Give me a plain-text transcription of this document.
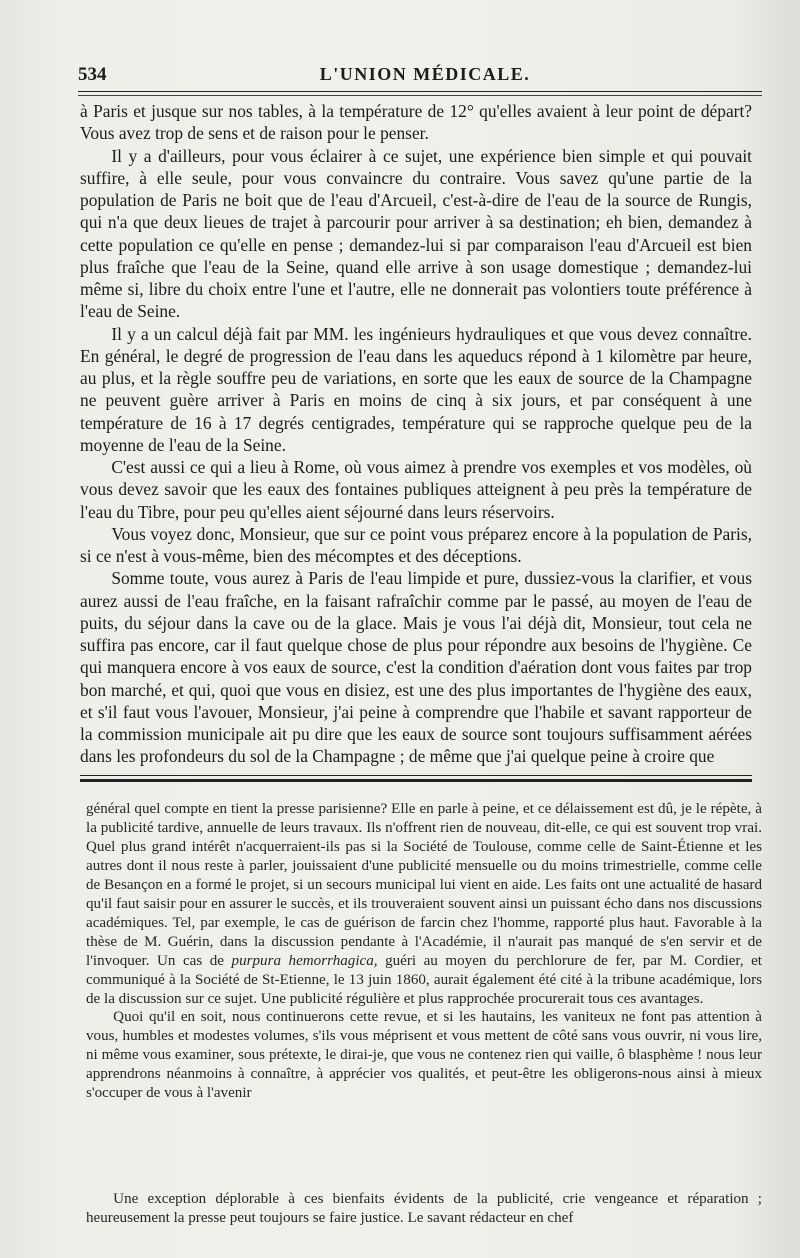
534	L'UNION MÉDICALE.

à Paris et jusque sur nos tables, à la température de 12° qu'elles avaient à leur point de départ? Vous avez trop de sens et de raison pour le penser.

Il y a d'ailleurs, pour vous éclairer à ce sujet, une expérience bien simple et qui pouvait suffire, à elle seule, pour vous convaincre du contraire. Vous savez qu'une partie de la population de Paris ne boit que de l'eau d'Arcueil, c'est-à-dire de l'eau de la source de Rungis, qui n'a que deux lieues de trajet à parcourir pour arriver à sa destination; eh bien, demandez à cette population ce qu'elle en pense ; demandez-lui si par comparaison l'eau d'Arcueil est bien plus fraîche que l'eau de la Seine, quand elle arrive à son usage domestique ; demandez-lui même si, libre du choix entre l'une et l'autre, elle ne donnerait pas volontiers toute préférence à l'eau de Seine.

Il y a un calcul déjà fait par MM. les ingénieurs hydrauliques et que vous devez connaître. En général, le degré de progression de l'eau dans les aqueducs répond à 1 kilomètre par heure, au plus, et la règle souffre peu de variations, en sorte que les eaux de source de la Champagne ne peuvent guère arriver à Paris en moins de cinq à six jours, et par conséquent à une température de 16 à 17 degrés centigrades, température qui se rapproche quelque peu de la moyenne de l'eau de la Seine.

C'est aussi ce qui a lieu à Rome, où vous aimez à prendre vos exemples et vos modèles, où vous devez savoir que les eaux des fontaines publiques atteignent à peu près la température de l'eau du Tibre, pour peu qu'elles aient séjourné dans leurs réservoirs.

Vous voyez donc, Monsieur, que sur ce point vous préparez encore à la population de Paris, si ce n'est à vous-même, bien des mécomptes et des déceptions.

Somme toute, vous aurez à Paris de l'eau limpide et pure, dussiez-vous la clarifier, et vous aurez aussi de l'eau fraîche, en la faisant rafraîchir comme par le passé, au moyen de l'eau de puits, du séjour dans la cave ou de la glace. Mais je vous l'ai déjà dit, Monsieur, tout cela ne suffira pas encore, car il faut quelque chose de plus pour répondre aux besoins de l'hygiène. Ce qui manquera encore à vos eaux de source, c'est la condition d'aération dont vous faites par trop bon marché, et qui, quoi que vous en disiez, est une des plus importantes de l'hygiène des eaux, et s'il faut vous l'avouer, Monsieur, j'ai peine à comprendre que l'habile et savant rapporteur de la commission municipale ait pu dire que les eaux de source sont toujours suffisamment aérées dans les profondeurs du sol de la Champagne ; de même que j'ai quelque peine à croire que

général quel compte en tient la presse parisienne? Elle en parle à peine, et ce délaissement est dû, je le répète, à la publicité tardive, annuelle de leurs travaux. Ils n'offrent rien de nouveau, dit-elle, ce qui est souvent trop vrai. Quel plus grand intérêt n'acquerraient-ils pas si la Société de Toulouse, comme celle de Saint-Étienne et les autres dont il nous reste à parler, jouissaient d'une publicité mensuelle ou du moins trimestrielle, comme celle de Besançon en a formé le projet, si un secours municipal lui vient en aide. Les faits ont une actualité de hasard qu'il faut saisir pour en assurer le succès, et ils trouveraient souvent ainsi un puissant écho dans nos discussions académiques. Tel, par exemple, le cas de guérison de farcin chez l'homme, rapporté plus haut. Favorable à la thèse de M. Guérin, dans la discussion pendante à l'Académie, il n'aurait pas manqué de s'en servir et de l'invoquer. Un cas de purpura hemorrhagica, guéri au moyen du perchlorure de fer, par M. Cordier, et communiqué à la Société de St-Etienne, le 13 juin 1860, aurait également été cité à la tribune académique, lors de la discussion sur ce sujet. Une publicité régulière et plus rapprochée procurerait tous ces avantages.

Quoi qu'il en soit, nous continuerons cette revue, et si les hautains, les vaniteux ne font pas attention à vous, humbles et modestes volumes, s'ils vous méprisent et vous mettent de côté sans vous ouvrir, ni vous lire, ni même vous examiner, sous prétexte, le dirai-je, que vous ne contenez rien qui vaille, ô blasphème ! nous leur apprendrons néanmoins à connaître, à apprécier vos qualités, et peut-être les obligerons-nous ainsi à mieux s'occuper de vous à l'avenir

Une exception déplorable à ces bienfaits évidents de la publicité, crie vengeance et réparation ; heureusement la presse peut toujours se faire justice. Le savant rédacteur en chef
